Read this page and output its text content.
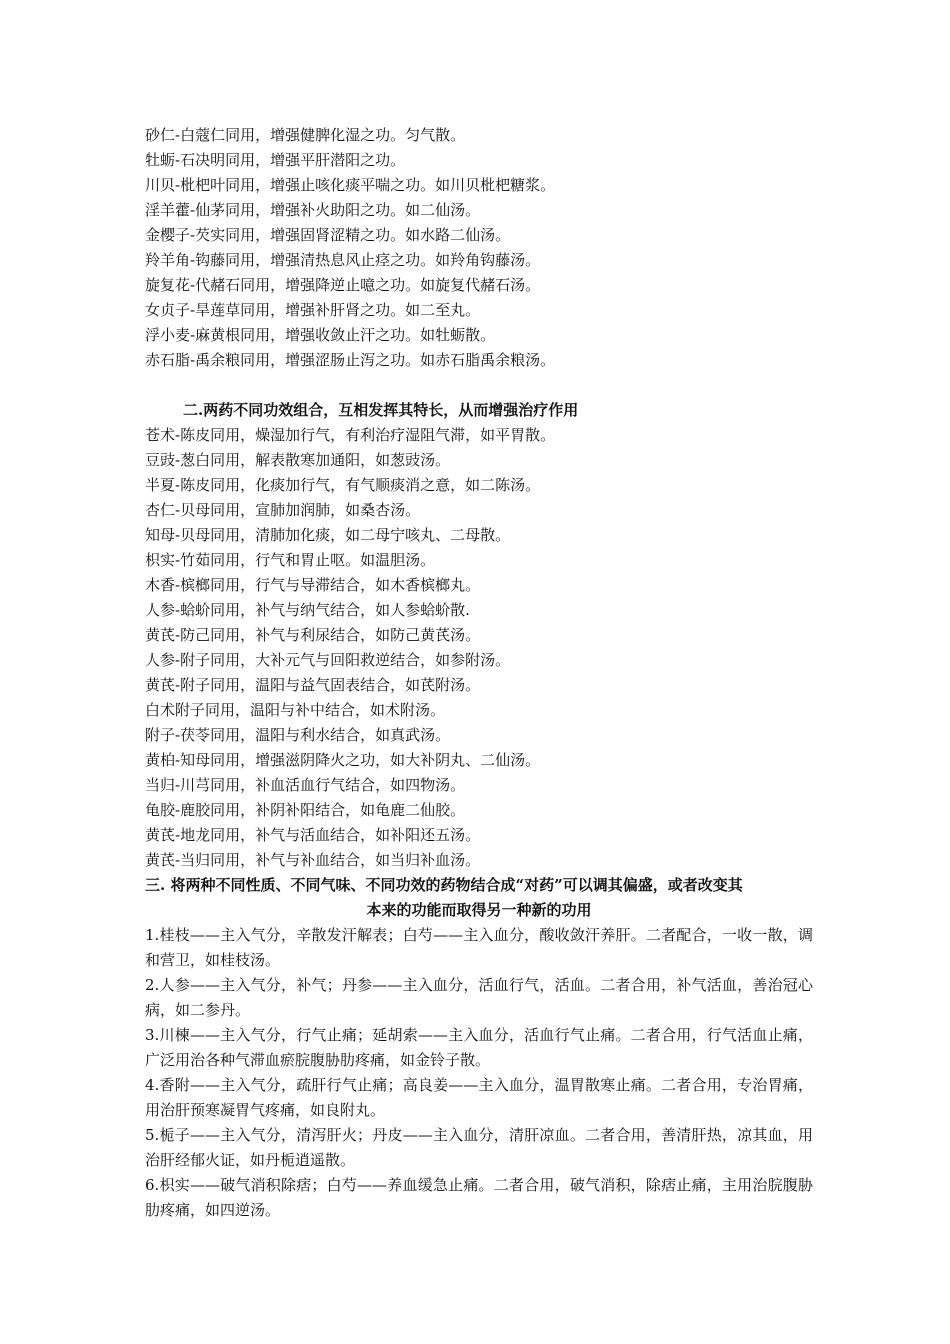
砂仁-白蔻仁同用，增强健脾化湿之功。匀气散。
牡蛎-石决明同用，增强平肝潜阳之功。
川贝-枇杷叶同用，增强止咳化痰平喘之功。如川贝枇杷糖浆。
淫羊藿-仙茅同用，增强补火助阳之功。如二仙汤。
金樱子-芡实同用，增强固肾涩精之功。如水路二仙汤。
羚羊角-钩藤同用，增强清热息风止痉之功。如羚角钩藤汤。
旋复花-代赭石同用，增强降逆止噫之功。如旋复代赭石汤。
女贞子-旱莲草同用，增强补肝肾之功。如二至丸。
浮小麦-麻黄根同用，增强收敛止汗之功。如牡蛎散。
赤石脂-禹余粮同用，增强涩肠止泻之功。如赤石脂禹余粮汤。
二.两药不同功效组合，互相发挥其特长，从而增强治疗作用
苍术-陈皮同用，燥湿加行气，有利治疗湿阻气滞，如平胃散。
豆豉-葱白同用，解表散寒加通阳，如葱豉汤。
半夏-陈皮同用，化痰加行气，有气顺痰消之意，如二陈汤。
杏仁-贝母同用，宣肺加润肺，如桑杏汤。
知母-贝母同用，清肺加化痰，如二母宁咳丸、二母散。
枳实-竹茹同用，行气和胃止呕。如温胆汤。
木香-槟榔同用，行气与导滞结合，如木香槟榔丸。
人参-蛤蚧同用，补气与纳气结合，如人参蛤蚧散.
黄芪-防己同用，补气与利尿结合，如防己黄芪汤。
人参-附子同用，大补元气与回阳救逆结合，如参附汤。
黄芪-附子同用，温阳与益气固表结合，如芪附汤。
白术附子同用，温阳与补中结合，如术附汤。
附子-茯苓同用，温阳与利水结合，如真武汤。
黄柏-知母同用，增强滋阴降火之功，如大补阴丸、二仙汤。
当归-川芎同用，补血活血行气结合，如四物汤。
龟胶-鹿胶同用，补阴补阳结合，如龟鹿二仙胶。
黄芪-地龙同用，补气与活血结合，如补阳还五汤。
黄芪-当归同用，补气与补血结合，如当归补血汤。
三. 将两种不同性质、不同气味、不同功效的药物结合成“对药”可以调其偏盛，或者改变其
本来的功能而取得另一种新的功用
1.桂枝——主入气分，辛散发汗解表；白芍——主入血分，酸收敛汗养肝。二者配合，一收一散，调和营卫，如桂枝汤。
2.人参——主入气分，补气；丹参——主入血分，活血行气，活血。二者合用，补气活血，善治冠心病，如二参丹。
3.川楝——主入气分，行气止痛；延胡索——主入血分，活血行气止痛。二者合用，行气活血止痛，广泛用治各种气滞血瘀脘腹胁肋疼痛，如金铃子散。
4.香附——主入气分，疏肝行气止痛；高良姜——主入血分，温胃散寒止痛。二者合用，专治胃痛，用治肝预寒凝胃气疼痛，如良附丸。
5.栀子——主入气分，清泻肝火；丹皮——主入血分，清肝凉血。二者合用，善清肝热，凉其血，用治肝经郁火证，如丹栀逍遥散。
6.枳实——破气消积除痞；白芍——养血缓急止痛。二者合用，破气消积，除痞止痛，主用治脘腹胁肋疼痛，如四逆汤。
